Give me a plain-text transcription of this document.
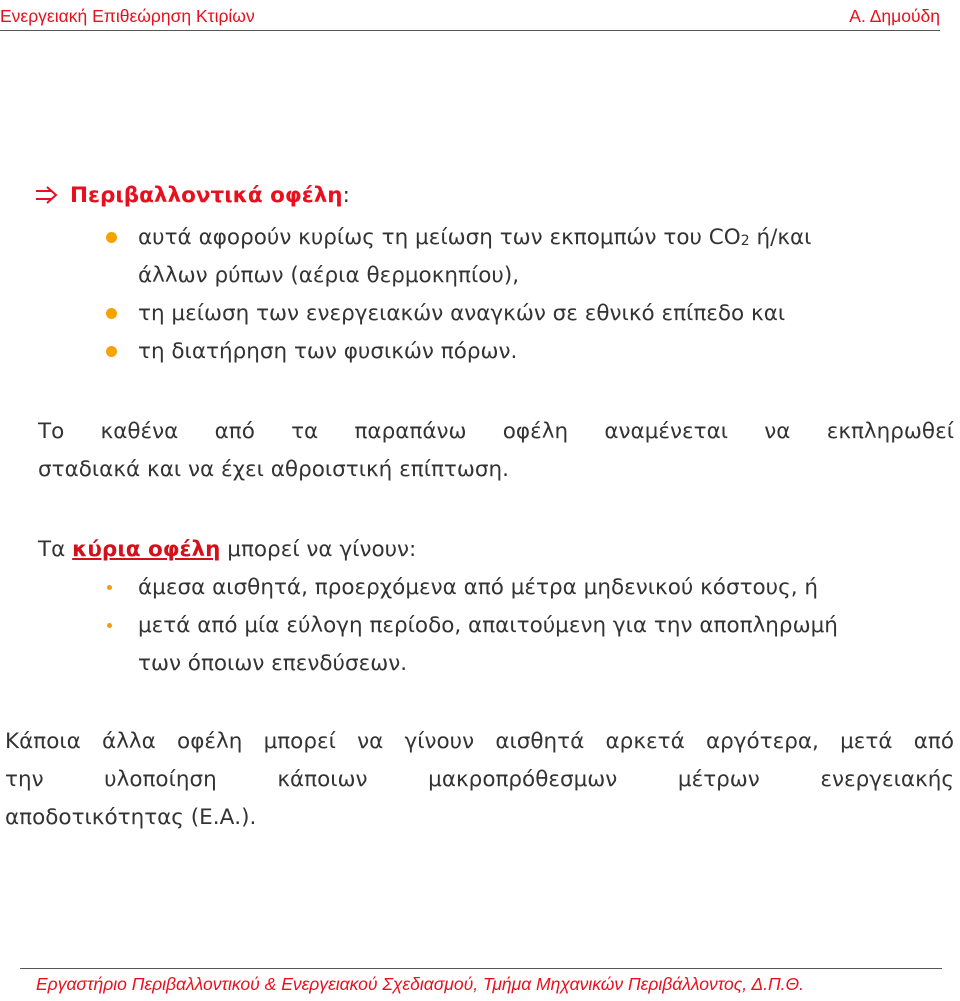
Ενεργειακή Επιθεώρηση Κτιρίων	Α. Δημούδη
Περιβαλλοντικά οφέλη:
αυτά αφορούν κυρίως τη μείωση των εκπομπών του $CO_2$ ή/και
άλλων ρύπων (αέρια θερμοκηπίου),
τη μείωση των ενεργειακών αναγκών σε εθνικό επίπεδο και
τη διατήρηση των φυσικών πόρων.
Το καθένα από τα παραπάνω οφέλη αναμένεται να εκπληρωθεί
σταδιακά και να έχει αθροιστική επίπτωση.
Τα κύρια οφέλη μπορεί να γίνουν:
άμεσα αισθητά, προερχόμενα από μέτρα μηδενικού κόστους, ή
μετά από μία εύλογη περίοδο, απαιτούμενη για την αποπληρωμή
των όποιων επενδύσεων.
Κάποια άλλα οφέλη μπορεί να γίνουν αισθητά αρκετά αργότερα, μετά από
την υλοποίηση κάποιων μακροπρόθεσμων μέτρων ενεργειακής
αποδοτικότητας (Ε.Α.).
Εργαστήριο Περιβαλλοντικού & Ενεργειακού Σχεδιασμού, Τμήμα Μηχανικών Περιβάλλοντος, Δ.Π.Θ.
